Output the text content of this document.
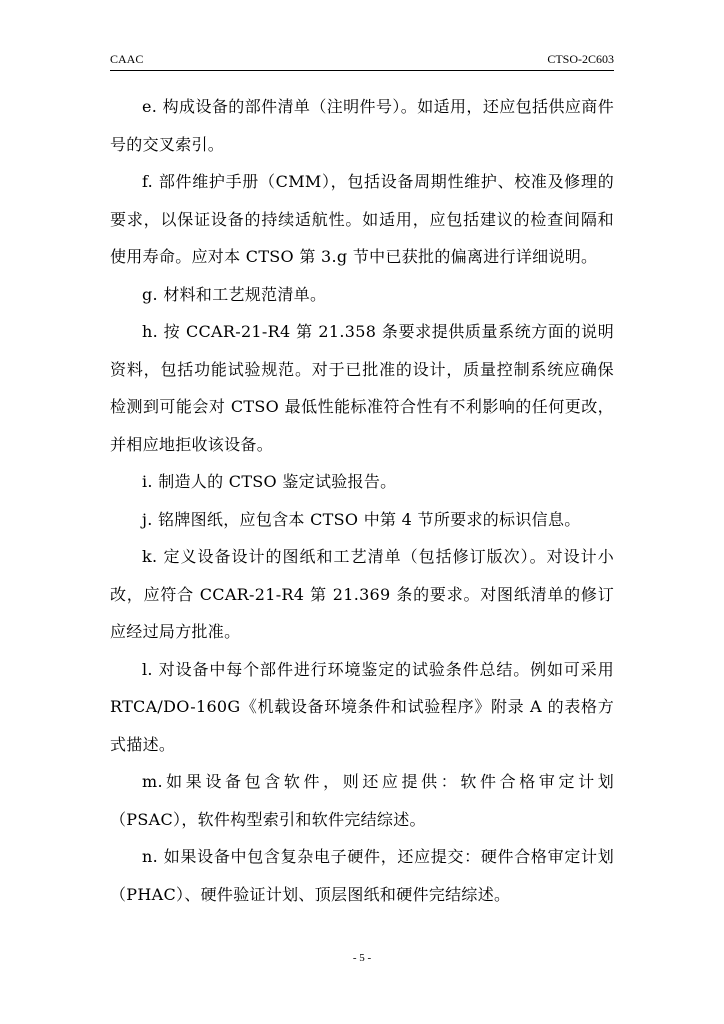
CAAC	CTSO-2C603

e. 构成设备的部件清单（注明件号）。如适用，还应包括供应商件号的交叉索引。

f. 部件维护手册（CMM），包括设备周期性维护、校准及修理的要求，以保证设备的持续适航性。如适用，应包括建议的检查间隔和使用寿命。应对本 CTSO 第 3.g 节中已获批的偏离进行详细说明。

g. 材料和工艺规范清单。

h. 按 CCAR-21-R4 第 21.358 条要求提供质量系统方面的说明资料，包括功能试验规范。对于已批准的设计，质量控制系统应确保检测到可能会对 CTSO 最低性能标准符合性有不利影响的任何更改，并相应地拒收该设备。

i. 制造人的 CTSO 鉴定试验报告。

j. 铭牌图纸，应包含本 CTSO 中第 4 节所要求的标识信息。

k. 定义设备设计的图纸和工艺清单（包括修订版次）。对设计小改，应符合 CCAR-21-R4 第 21.369 条的要求。对图纸清单的修订应经过局方批准。

l. 对设备中每个部件进行环境鉴定的试验条件总结。例如可采用 RTCA/DO-160G《机载设备环境条件和试验程序》附录 A 的表格方式描述。

m.如果设备包含软件，则还应提供：软件合格审定计划（PSAC），软件构型索引和软件完结综述。

n. 如果设备中包含复杂电子硬件，还应提交：硬件合格审定计划（PHAC）、硬件验证计划、顶层图纸和硬件完结综述。

- 5 -
